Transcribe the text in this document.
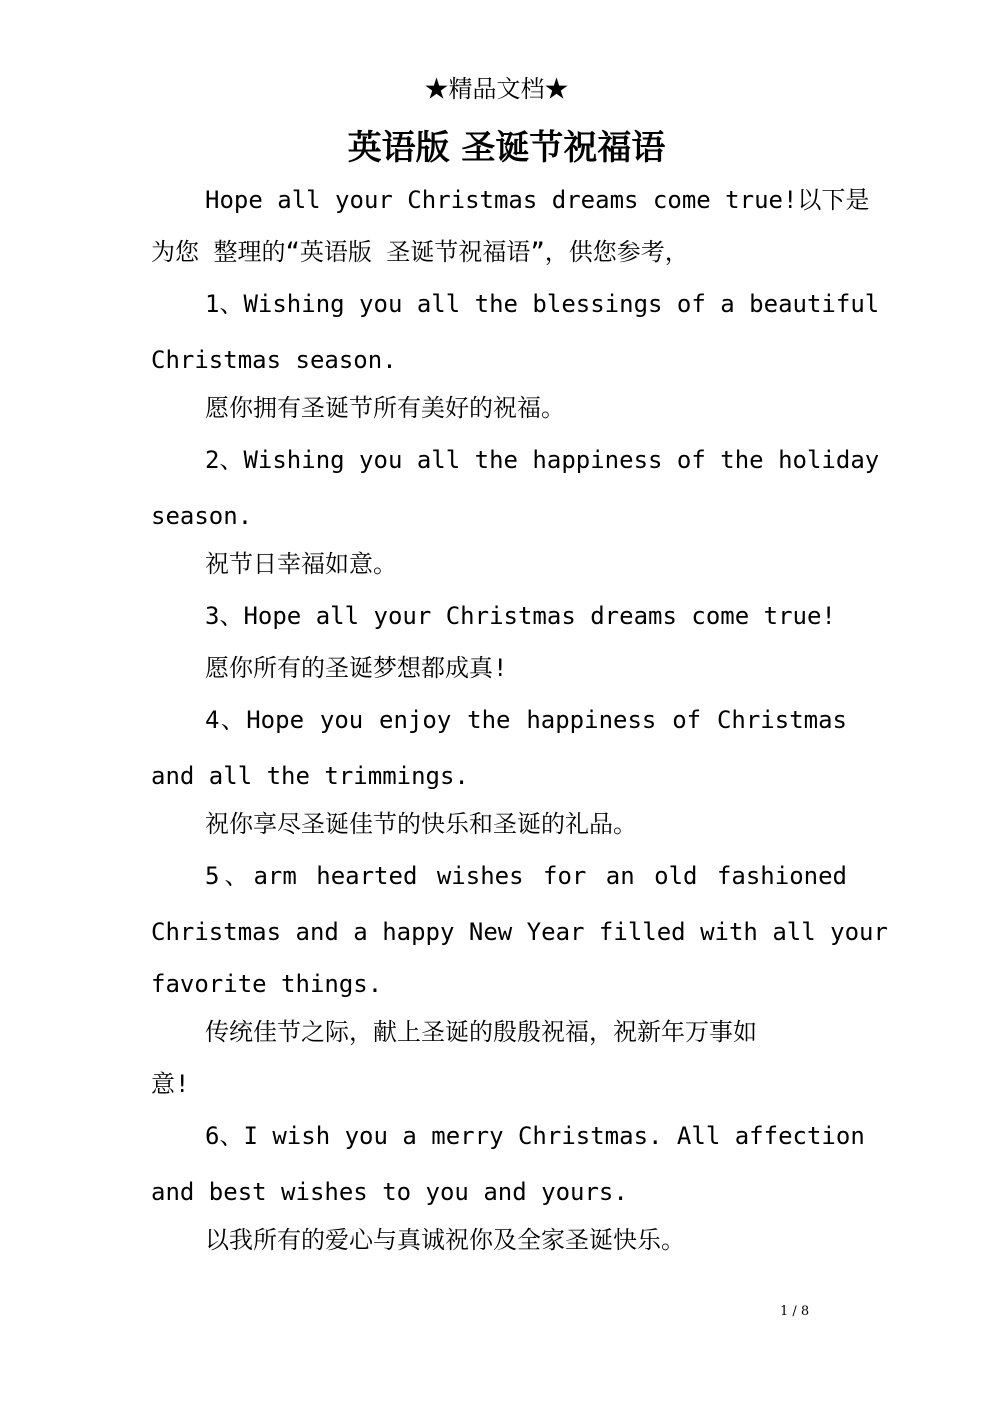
★精品文档★
英语版 圣诞节祝福语
Hope all your Christmas dreams come true!以下是
为您 整理的“英语版 圣诞节祝福语”，供您参考，
1、Wishing you all the blessings of a beautiful
Christmas season.
愿你拥有圣诞节所有美好的祝福。
2、Wishing you all the happiness of the holiday
season.
祝节日幸福如意。
3、Hope all your Christmas dreams come true!
愿你所有的圣诞梦想都成真!
4、Hope you enjoy the happiness of Christmas
and all the trimmings.
祝你享尽圣诞佳节的快乐和圣诞的礼品。
5、arm hearted wishes for an old fashioned
Christmas and a happy New Year filled with all your
favorite things.
传统佳节之际，献上圣诞的殷殷祝福，祝新年万事如
意!
6、I wish you a merry Christmas. All affection
and best wishes to you and yours.
以我所有的爱心与真诚祝你及全家圣诞快乐。
1 / 8
